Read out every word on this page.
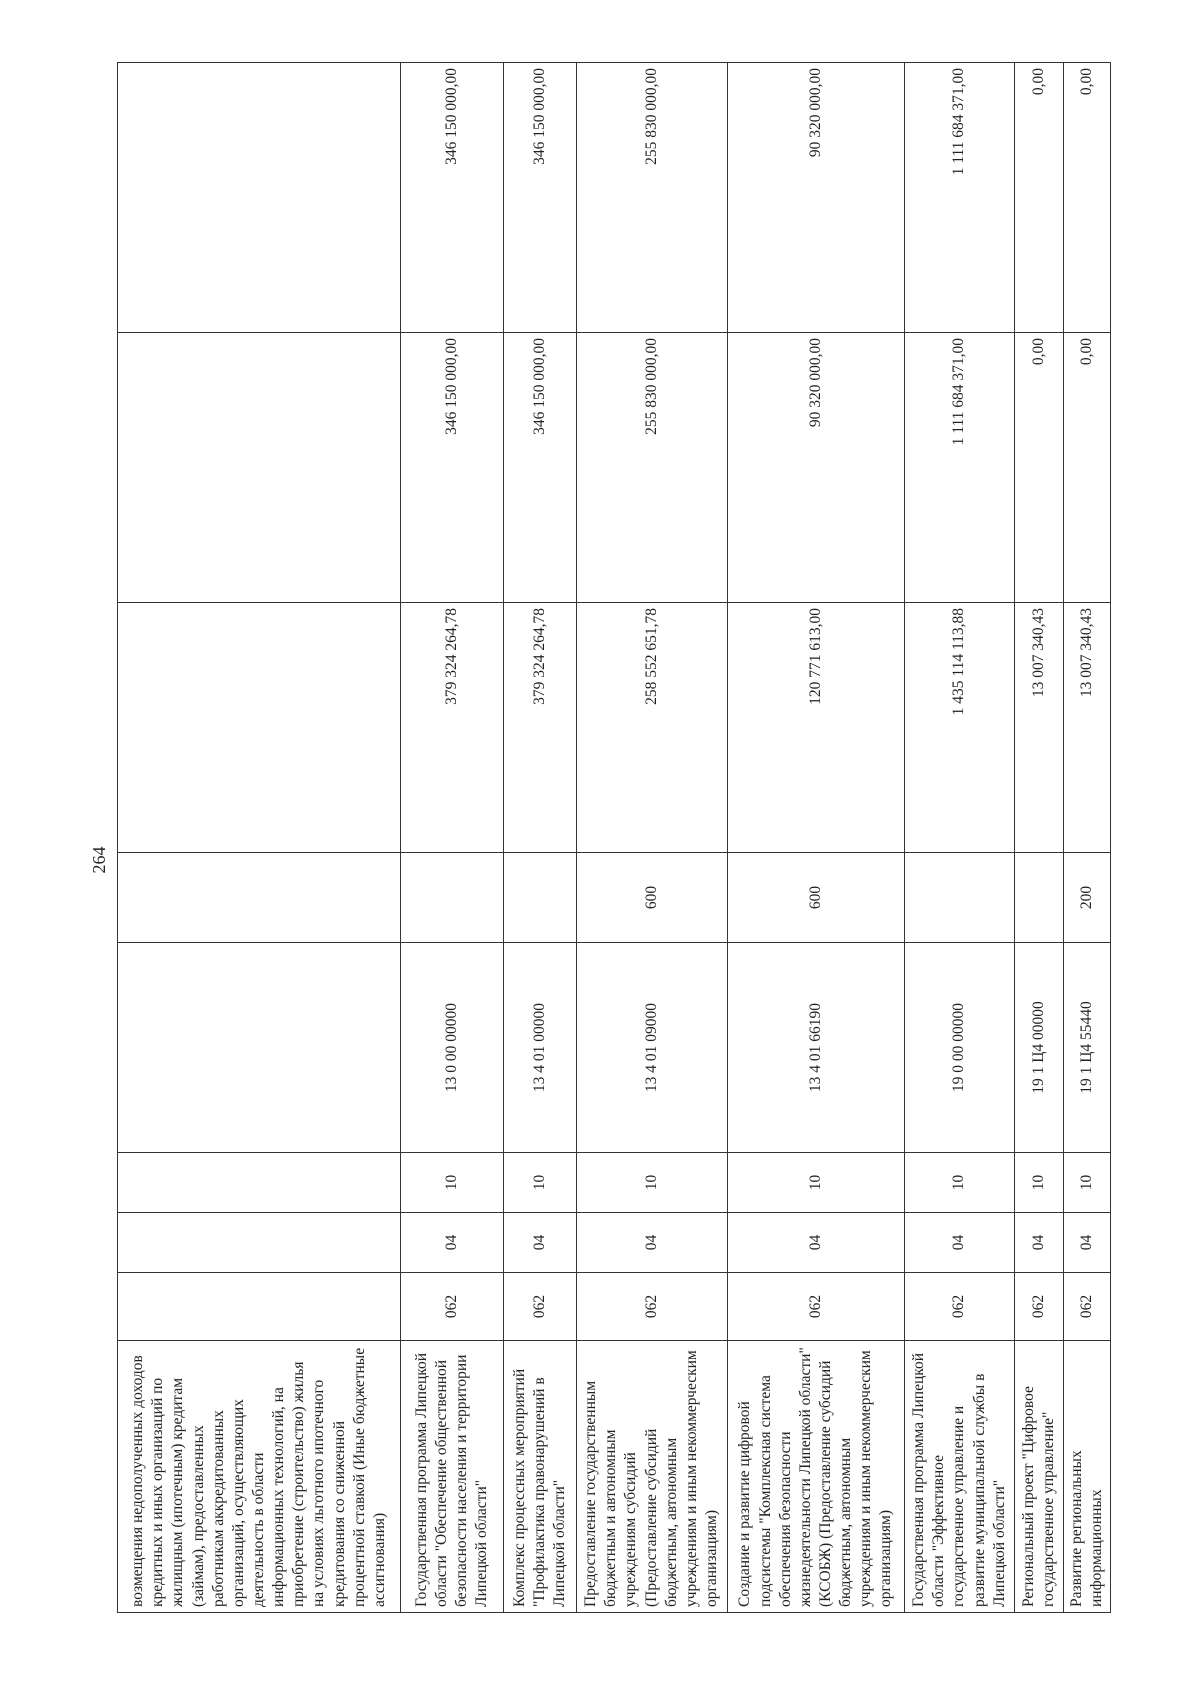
264
возмещения недополученных доходов кредитных и иных организаций по жилищным (ипотечным) кредитам (займам), предоставленных работникам аккредитованных организаций, осуществляющих деятельность в области информационных технологий, на приобретение (строительство) жилья на условиях льготного ипотечного кредитования со сниженной процентной ставкой (Иные бюджетные ассигнования)								
Государственная программа Липецкой области "Обеспечение общественной безопасности населения и территории Липецкой области"	062	04	10	13 0 00 00000		379 324 264,78	346 150 000,00	346 150 000,00
Комплекс процессных мероприятий "Профилактика правонарушений в Липецкой области"	062	04	10	13 4 01 00000		379 324 264,78	346 150 000,00	346 150 000,00
Предоставление государственным бюджетным и автономным учреждениям субсидий (Предоставление субсидий бюджетным, автономным учреждениям и иным некоммерческим организациям)	062	04	10	13 4 01 09000	600	258 552 651,78	255 830 000,00	255 830 000,00
Создание и развитие цифровой подсистемы "Комплексная система обеспечения безопасности жизнедеятельности Липецкой области" (КСОБЖ) (Предоставление субсидий бюджетным, автономным учреждениям и иным некоммерческим организациям)	062	04	10	13 4 01 66190	600	120 771 613,00	90 320 000,00	90 320 000,00
Государственная программа Липецкой области "Эффективное государственное управление и развитие муниципальной службы в Липецкой области"	062	04	10	19 0 00 00000		1 435 114 113,88	1 111 684 371,00	1 111 684 371,00
Региональный проект "Цифровое государственное управление"	062	04	10	19 1 Ц4 00000		13 007 340,43	0,00	0,00
Развитие региональных информационных	062	04	10	19 1 Ц4 55440	200	13 007 340,43	0,00	0,00
